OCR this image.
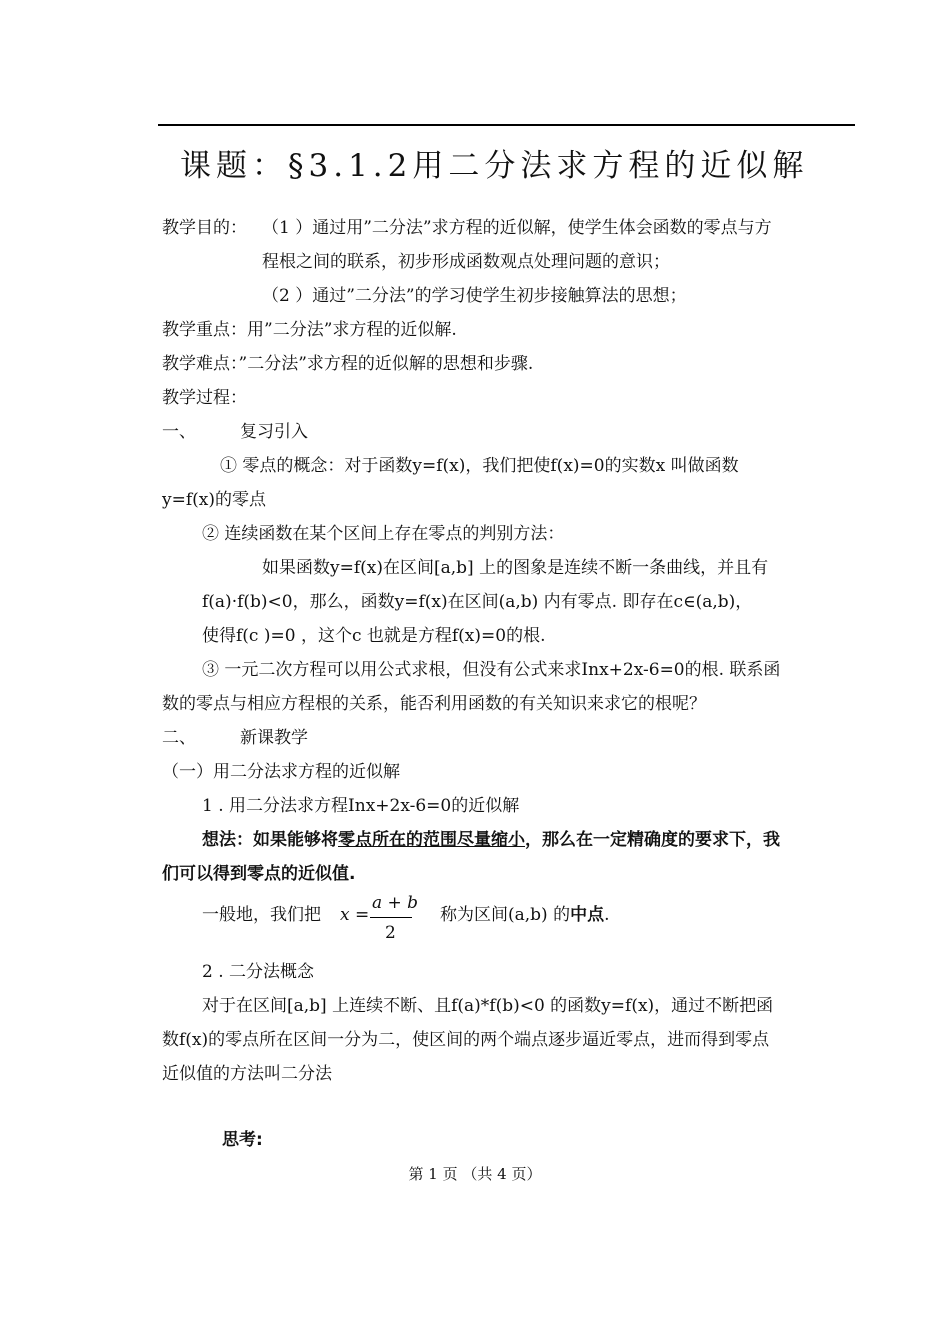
课题：§3.1.2用二分法求方程的近似解
教学目的： （1 ）通过用”二分法”求方程的近似解，使学生体会函数的零点与方
程根之间的联系，初步形成函数观点处理问题的意识；
（2 ）通过”二分法”的学习使学生初步接触算法的思想；
教学重点：用”二分法”求方程的近似解.
教学难点：”二分法”求方程的近似解的思想和步骤.
教学过程：
一、	复习引入
① 零点的概念：对于函数y=f(x)，我们把使f(x)=0的实数x 叫做函数
y=f(x)的零点
② 连续函数在某个区间上存在零点的判别方法：
如果函数y=f(x)在区间[a,b] 上的图象是连续不断一条曲线，并且有
f(a)·f(b)<0，那么，函数y=f(x)在区间(a,b) 内有零点. 即存在c∈(a,b)，
使得f(c )=0 ，这个c 也就是方程f(x)=0的根.
③ 一元二次方程可以用公式求根，但没有公式来求Inx+2x-6=0的根. 联系函
数的零点与相应方程根的关系，能否利用函数的有关知识来求它的根呢？
二、	新课教学
（一）用二分法求方程的近似解
1 . 用二分法求方程Inx+2x-6=0的近似解
想法：如果能够将零点所在的范围尽量缩小，那么在一定精确度的要求下，我
们可以得到零点的近似值.
一般地，我们把 x =
a + b
2
称为区间(a,b) 的中点.
2 . 二分法概念
对于在区间[a,b] 上连续不断、且f(a)*f(b)<0 的函数y=f(x)，通过不断把函
数f(x)的零点所在区间一分为二，使区间的两个端点逐步逼近零点，进而得到零点
近似值的方法叫二分法
思考:
第 1 页 （共 4 页）
